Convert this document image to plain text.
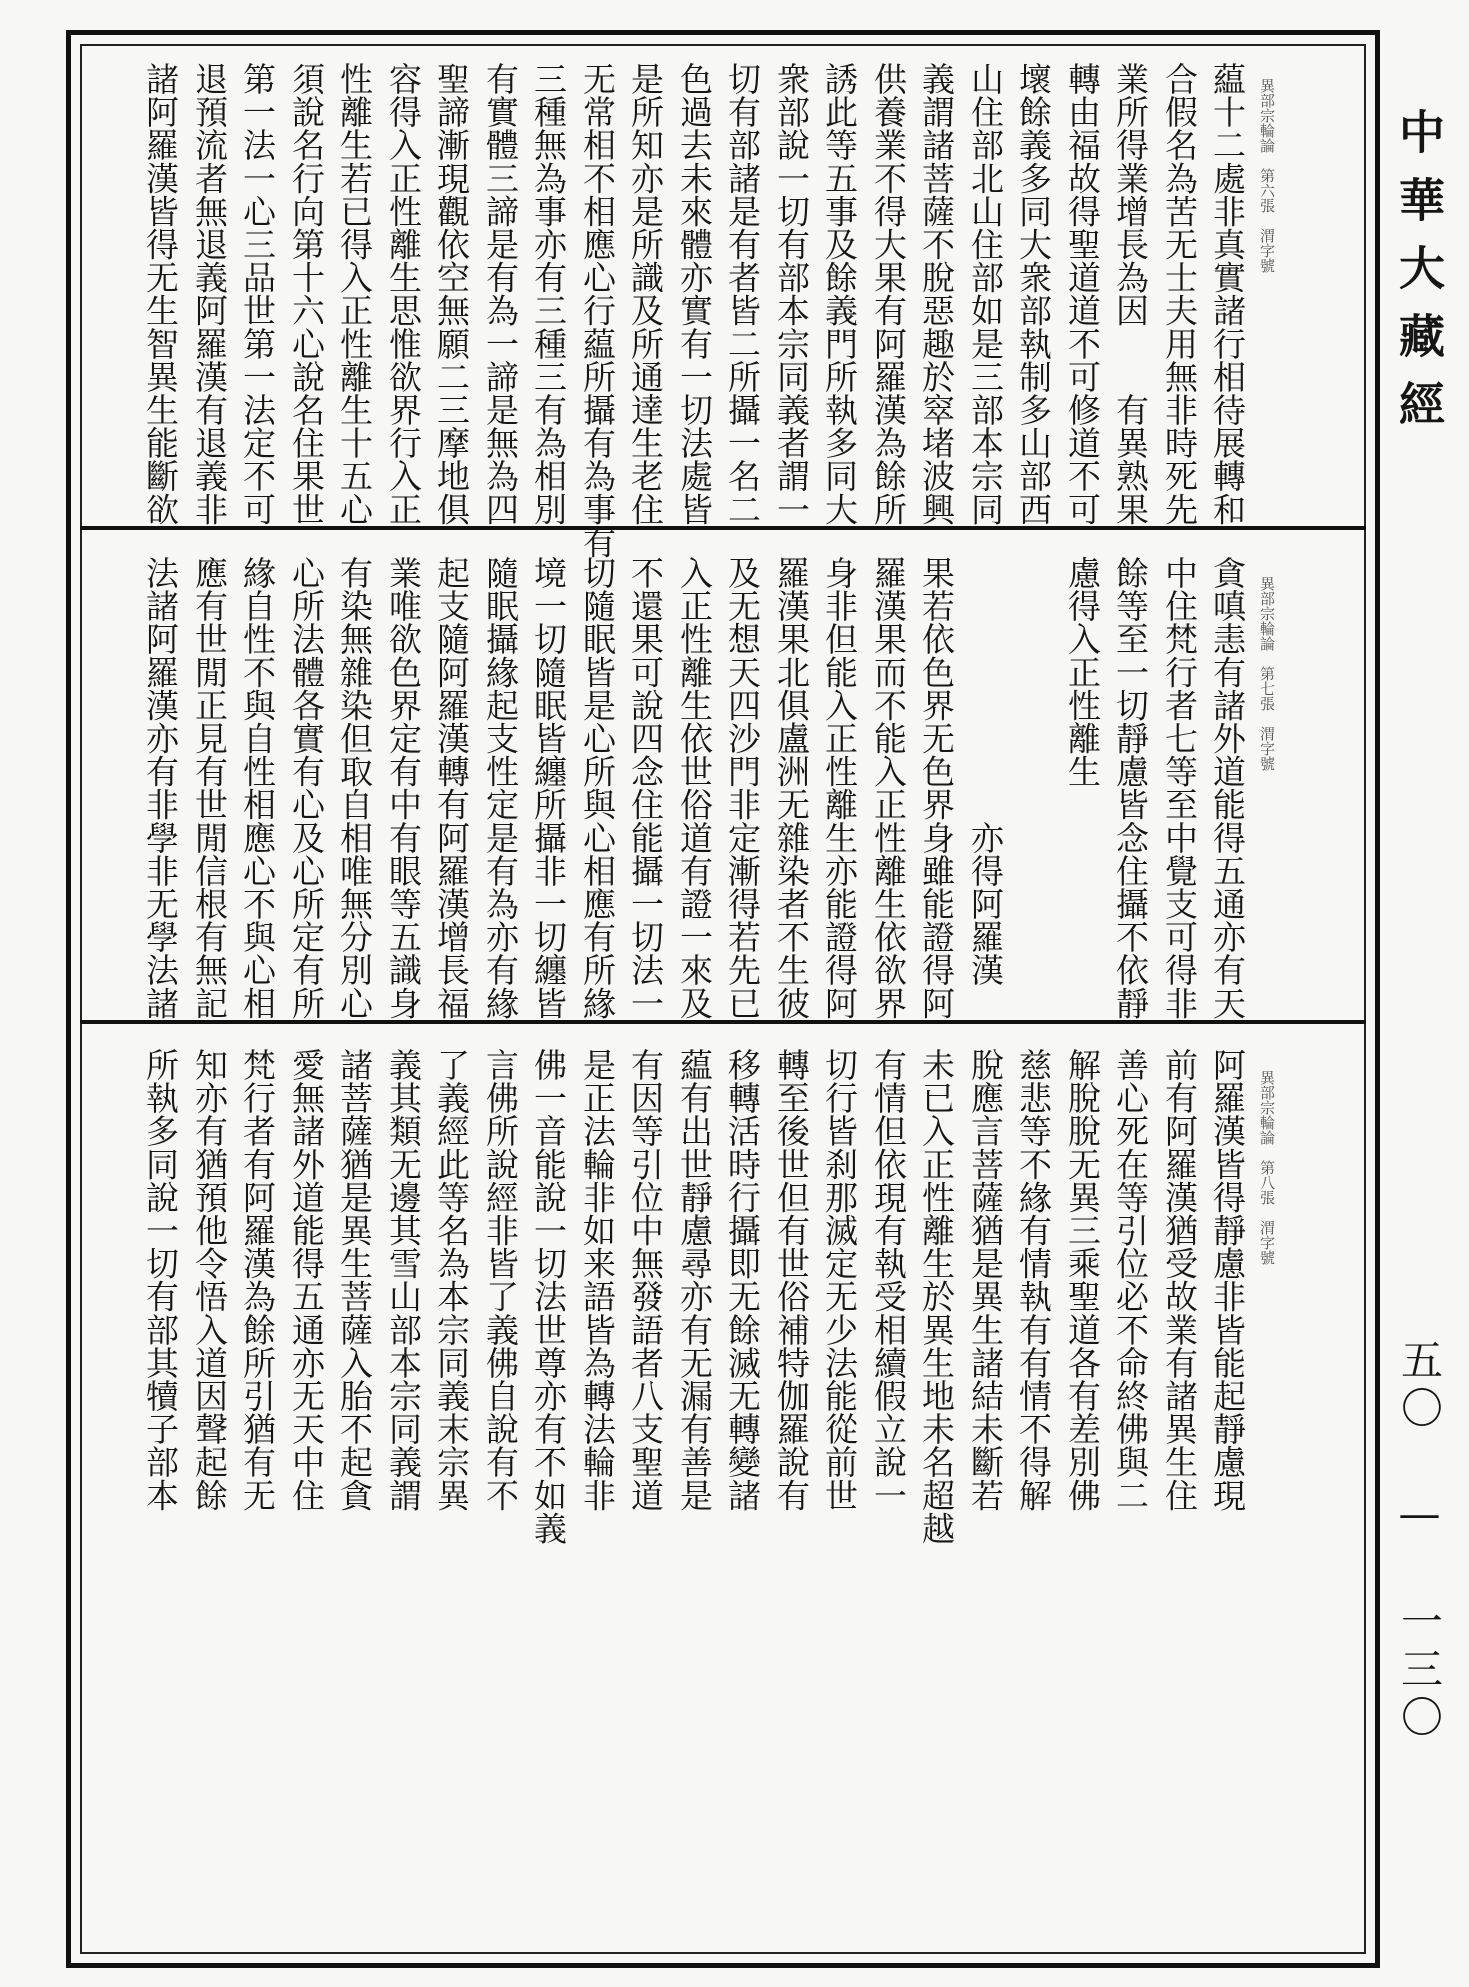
異部宗輪論　第六張　渭字號
藴十二處非真實諸行相待展轉和
合假名為苦无士夫用無非時死先
業所得業增長為因　　有異熟果
轉由福故得聖道道不可修道不可
壞餘義多同大衆部執制多山部西
山住部北山住部如是三部本宗同
義謂諸菩薩不脫惡趣於窣堵波興
供養業不得大果有阿羅漢為餘所
誘此等五事及餘義門所執多同大
衆部說一切有部本宗同義者謂一
切有部諸是有者皆二所攝一名二
色過去未來體亦實有一切法處皆
是所知亦是所識及所通達生老住
无常相不相應心行藴所攝有為事有
三種無為事亦有三種三有為相別
有實體三諦是有為一諦是無為四
聖諦漸現觀依空無願二三摩地俱
容得入正性離生思惟欲界行入正
性離生若已得入正性離生十五心
須說名行向第十六心說名住果世
第一法一心三品世第一法定不可
退預流者無退義阿羅漢有退義非
諸阿羅漢皆得无生智異生能斷欲
異部宗輪論　第七張　渭字號
貪嗔恚有諸外道能得五通亦有天
中住梵行者七等至中覺支可得非
餘等至一切靜慮皆念住攝不依靜
慮得入正性離生
　　　　　　　　亦得阿羅漢
果若依色界无色界身雖能證得阿
羅漢果而不能入正性離生依欲界
身非但能入正性離生亦能證得阿
羅漢果北俱盧洲无雜染者不生彼
及无想天四沙門非定漸得若先已
入正性離生依世俗道有證一來及
不還果可說四念住能攝一切法一
切隨眠皆是心所與心相應有所緣
境一切隨眠皆纏所攝非一切纏皆
隨眠攝緣起支性定是有為亦有緣
起支隨阿羅漢轉有阿羅漢增長福
業唯欲色界定有中有眼等五識身
有染無雜染但取自相唯無分別心
心所法體各實有心及心所定有所
緣自性不與自性相應心不與心相
應有世閒正見有世閒信根有無記
法諸阿羅漢亦有非學非无學法諸
異部宗輪論　第八張　渭字號
阿羅漢皆得靜慮非皆能起靜慮現
前有阿羅漢猶受故業有諸異生住
善心死在等引位必不命終佛與二
解脫脫无異三乘聖道各有差別佛
慈悲等不緣有情執有有情不得解
脫應言菩薩猶是異生諸結未斷若
未已入正性離生於異生地未名超越
有情但依現有執受相續假立說一
切行皆刹那滅定无少法能從前世
轉至後世但有世俗補特伽羅說有
移轉活時行攝即无餘滅无轉變諸
藴有出世靜慮尋亦有无漏有善是
有因等引位中無發語者八支聖道
是正法輪非如来語皆為轉法輪非
佛一音能說一切法世尊亦有不如義
言佛所說經非皆了義佛自說有不
了義經此等名為本宗同義末宗異
義其類无邊其雪山部本宗同義謂
諸菩薩猶是異生菩薩入胎不起貪
愛無諸外道能得五通亦无天中住
梵行者有阿羅漢為餘所引猶有无
知亦有猶預他令悟入道因聲起餘
所執多同說一切有部其犢子部本
中華大藏經
五〇 — 一三〇
